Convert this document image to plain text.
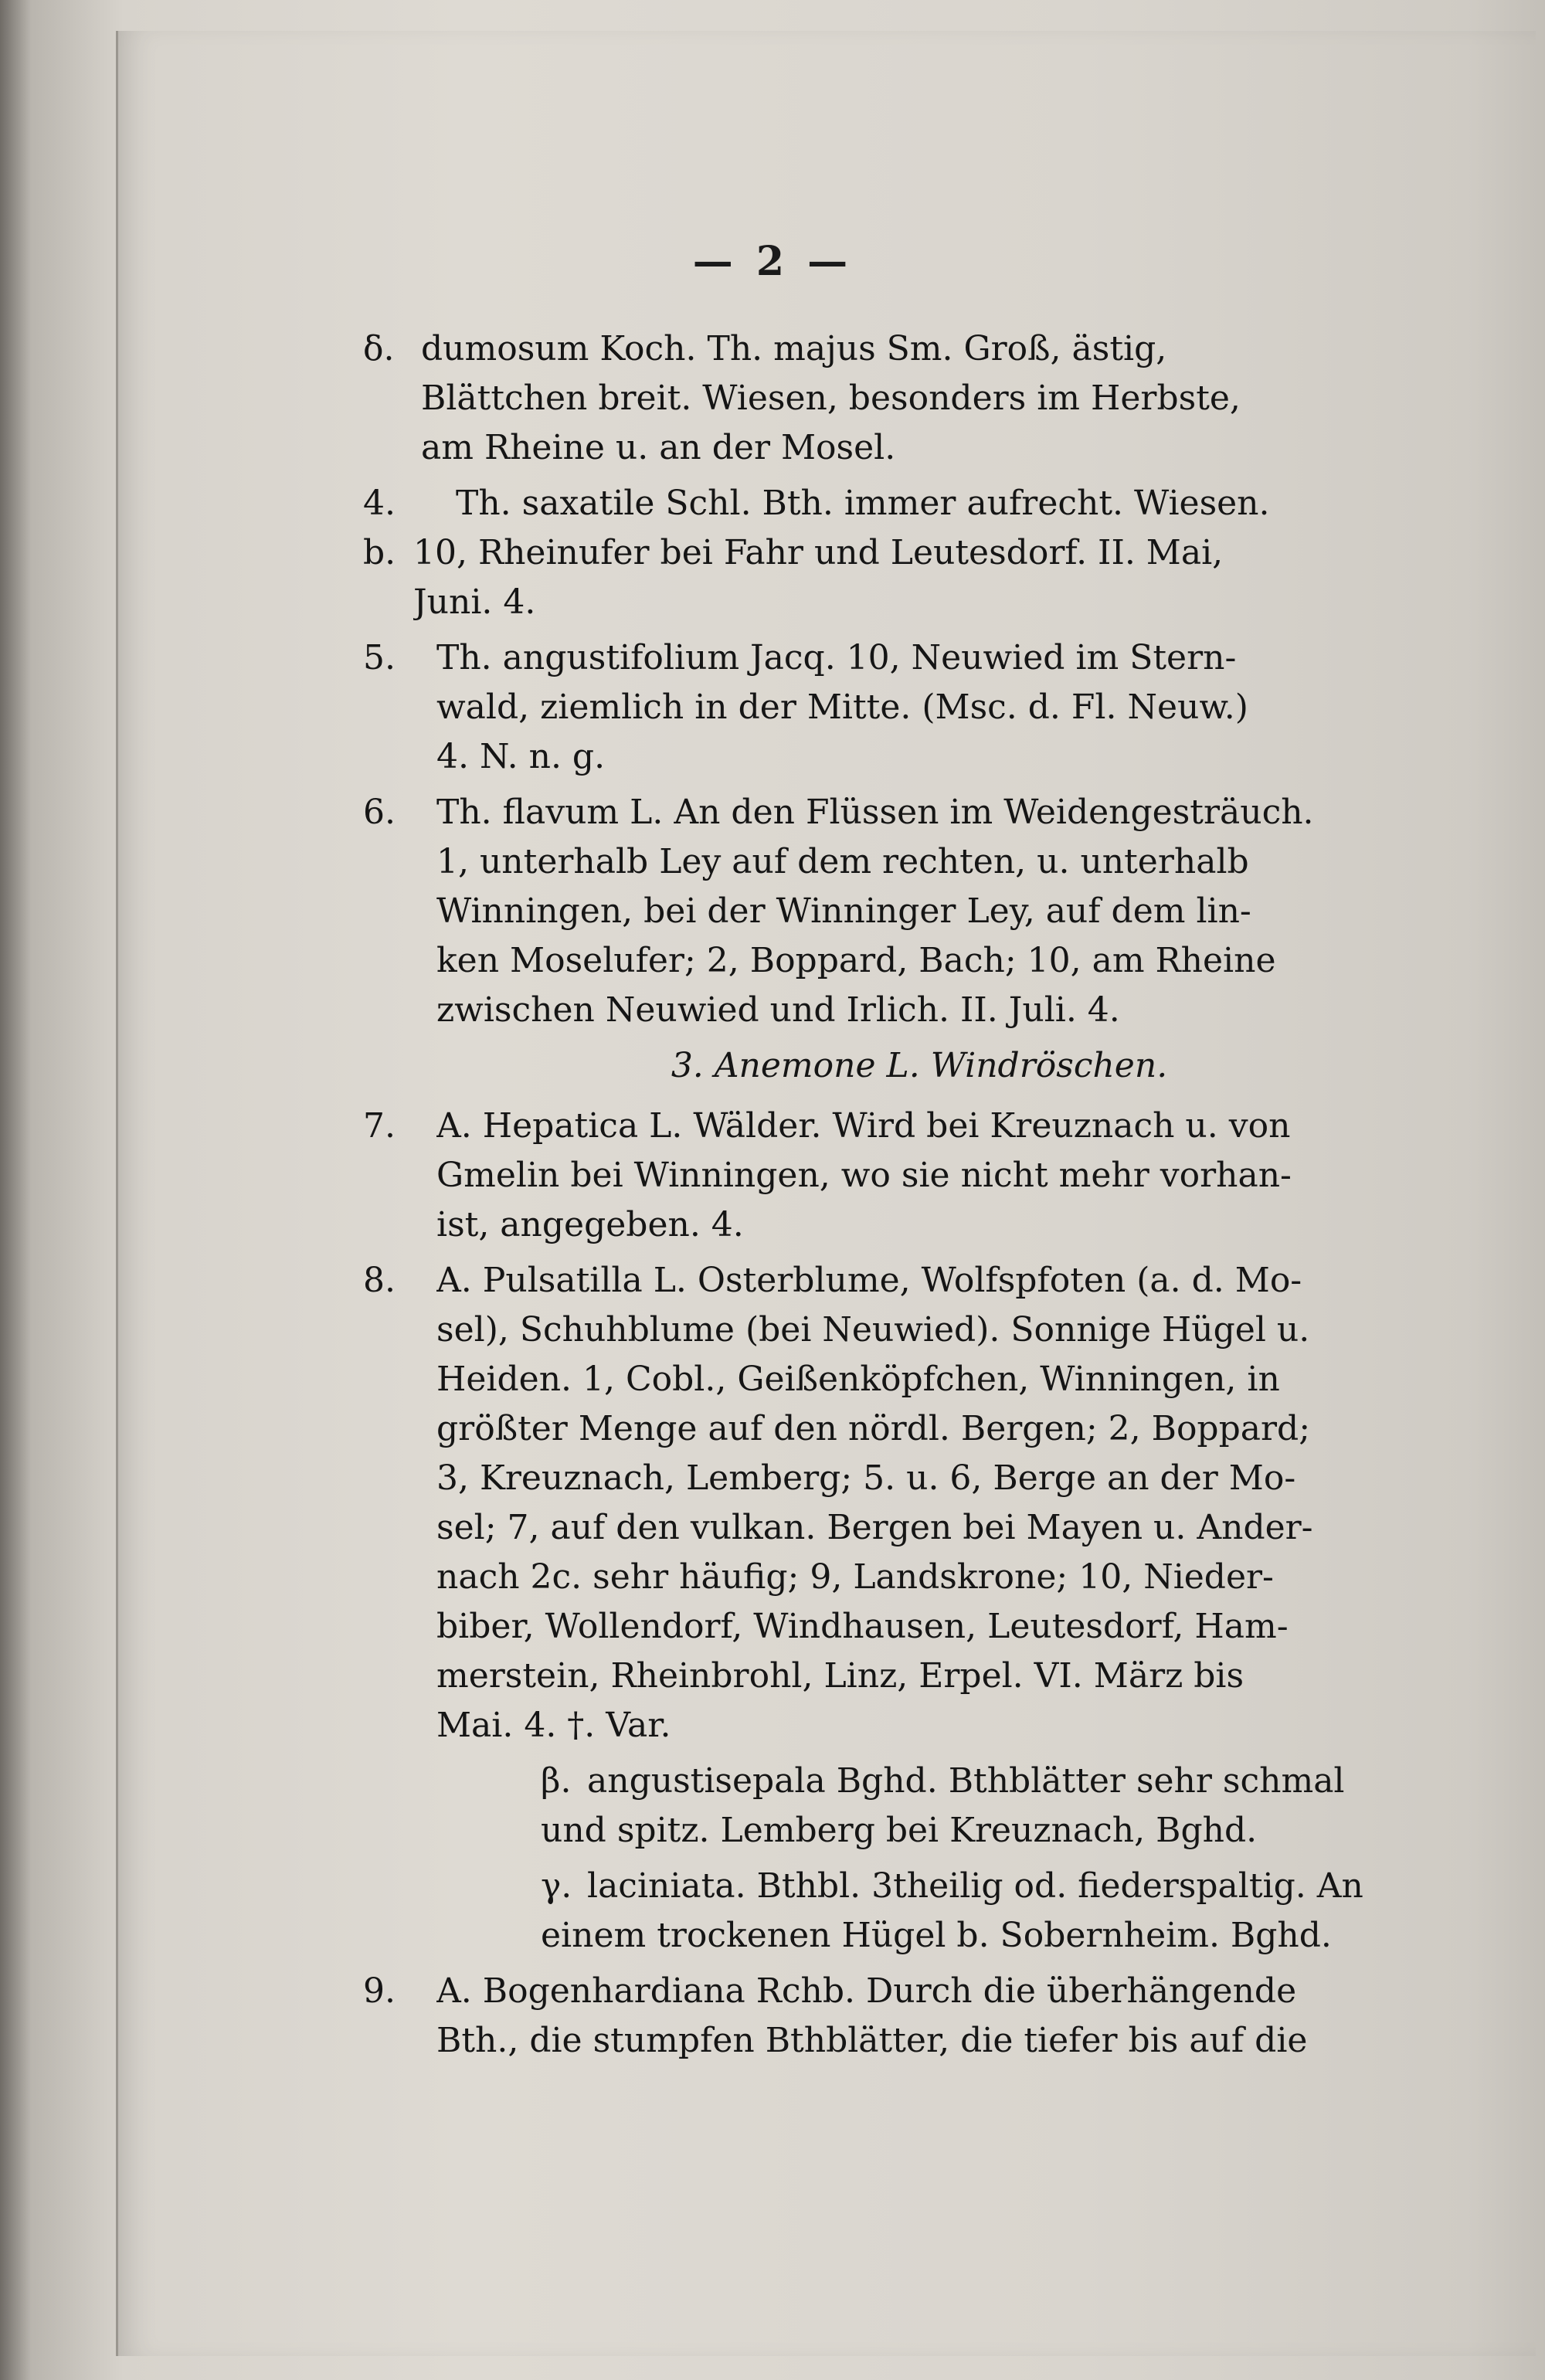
— 2 —
δ. dumosum Koch. Th. majus Sm. Groß, ästig,
Blättchen breit. Wiesen, besonders im Herbste,
am Rheine u. an der Mosel.
4. b.
Th. saxatile Schl. Bth. immer aufrecht. Wiesen.
10, Rheinufer bei Fahr und Leutesdorf. II. Mai,
Juni. 4.
5.	Th. angustifolium Jacq. 10, Neuwied im Stern-
wald, ziemlich in der Mitte. (Msc. d. Fl. Neuw.)
4. N. n. g.
6.	Th. flavum L. An den Flüssen im Weidengesträuch.
1, unterhalb Ley auf dem rechten, u. unterhalb
Winningen, bei der Winninger Ley, auf dem lin-
ken Moselufer; 2, Boppard, Bach; 10, am Rheine
zwischen Neuwied und Irlich. II. Juli. 4.
3. Anemone L. Windröschen.
7.	A. Hepatica L. Wälder. Wird bei Kreuznach u. von
Gmelin bei Winningen, wo sie nicht mehr vorhan-
ist, angegeben. 4.
8.	A. Pulsatilla L. Osterblume, Wolfspfoten (a. d. Mo-
sel), Schuhblume (bei Neuwied). Sonnige Hügel u.
Heiden. 1, Cobl., Geißenköpfchen, Winningen, in
größter Menge auf den nördl. Bergen; 2, Boppard;
3, Kreuznach, Lemberg; 5. u. 6, Berge an der Mo-
sel; 7, auf den vulkan. Bergen bei Mayen u. Ander-
nach 2c. sehr häufig; 9, Landskrone; 10, Nieder-
biber, Wollendorf, Windhausen, Leutesdorf, Ham-
merstein, Rheinbrohl, Linz, Erpel. VI. März bis
Mai. 4. †. Var.
β. angustisepala Bghd. Bthblätter sehr schmal
und spitz. Lemberg bei Kreuznach, Bghd.
γ. laciniata. Bthbl. 3theilig od. fiederspaltig. An
einem trockenen Hügel b. Sobernheim. Bghd.
9.	A. Bogenhardiana Rchb. Durch die überhängende
Bth., die stumpfen Bthblätter, die tiefer bis auf die
